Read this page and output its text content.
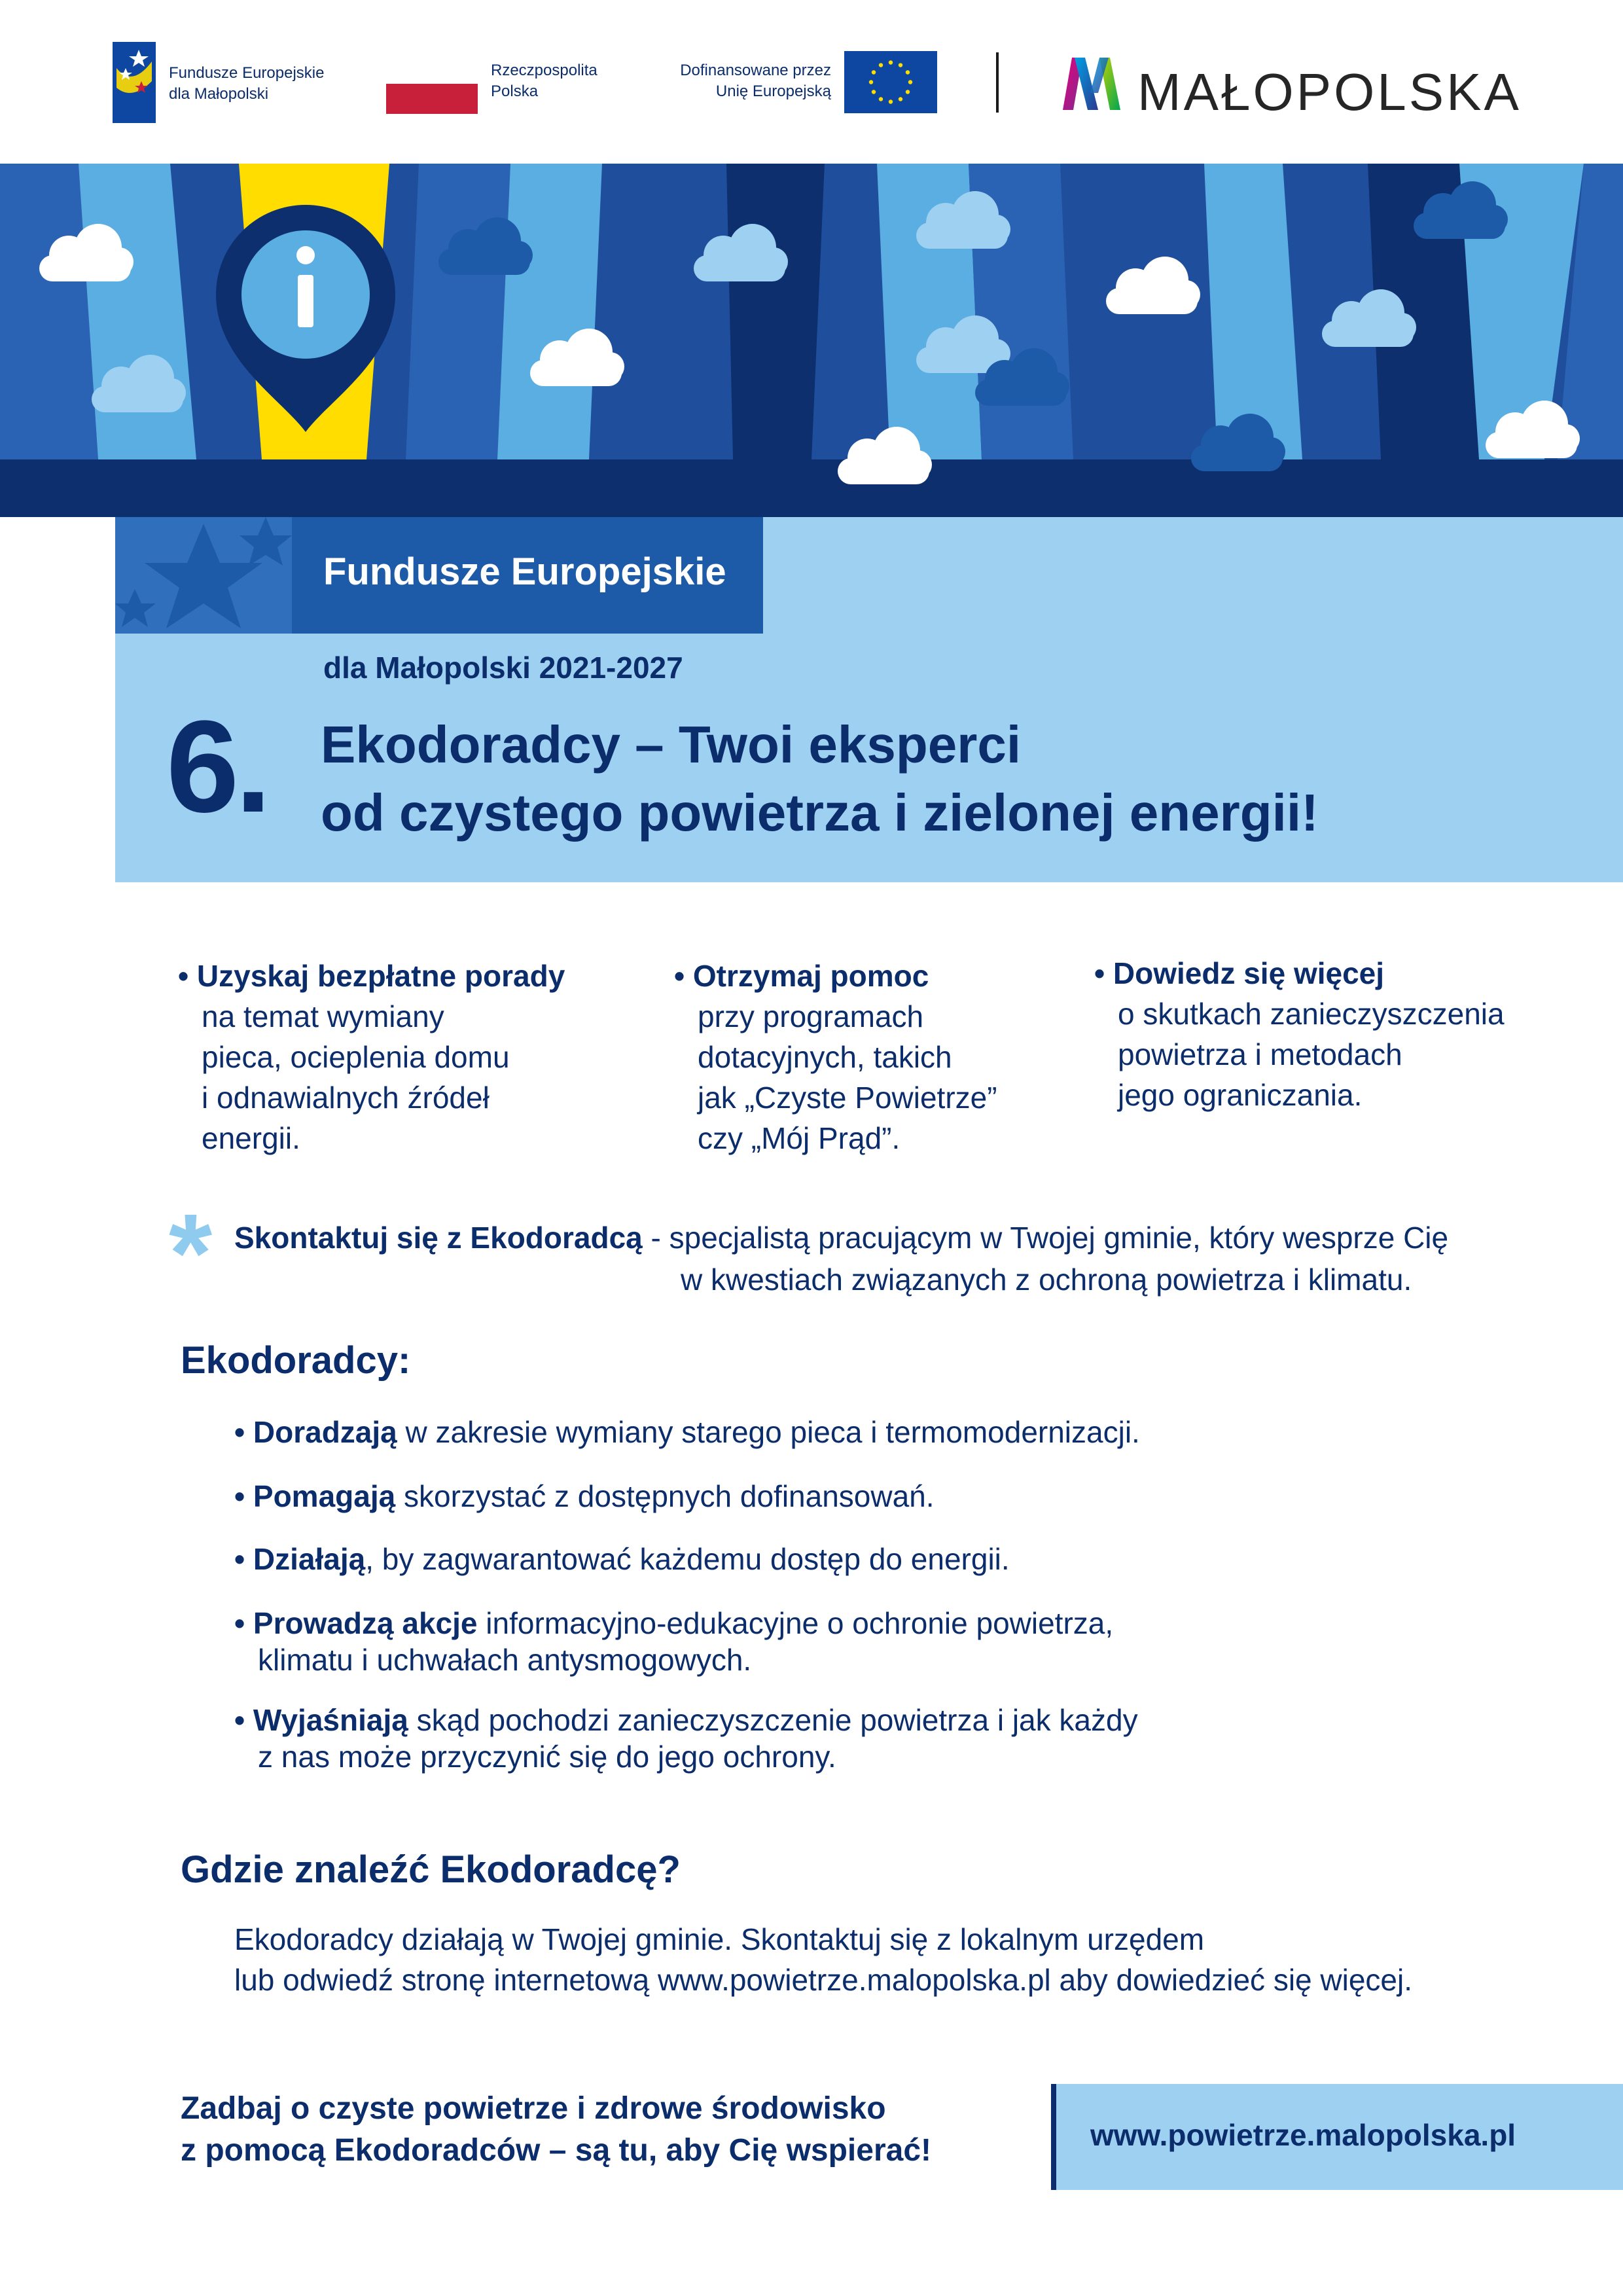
Fundusze Europejskie
dla Małopolski
Rzeczpospolita
Polska
Dofinansowane przez
Unię Europejską	MAŁOPOLSKA
Fundusze Europejskie
dla Małopolski 2021-2027
6. Ekodoradcy – Twoi eksperci
od czystego powietrza i zielonej energii!
• Uzyskaj bezpłatne porady
na temat wymiany
pieca, ocieplenia domu
i odnawialnych źródeł
energii.
• Otrzymaj pomoc
przy programach
dotacyjnych, takich
jak „Czyste Powietrze”
czy „Mój Prąd”.
• Dowiedz się więcej
o skutkach zanieczyszczenia
powietrza i metodach
jego ograniczania.
* Skontaktuj się z Ekodoradcą - specjalistą pracującym w Twojej gminie, który wesprze Cię
w kwestiach związanych z ochroną powietrza i klimatu.
Ekodoradcy:
• Doradzają w zakresie wymiany starego pieca i termomodernizacji.
• Pomagają skorzystać z dostępnych dofinansowań.
• Działają, by zagwarantować każdemu dostęp do energii.
• Prowadzą akcje informacyjno-edukacyjne o ochronie powietrza,
klimatu i uchwałach antysmogowych.
• Wyjaśniają skąd pochodzi zanieczyszczenie powietrza i jak każdy
z nas może przyczynić się do jego ochrony.
Gdzie znaleźć Ekodoradcę?
Ekodoradcy działają w Twojej gminie. Skontaktuj się z lokalnym urzędem
lub odwiedź stronę internetową www.powietrze.malopolska.pl aby dowiedzieć się więcej.
Zadbaj o czyste powietrze i zdrowe środowisko
z pomocą Ekodoradców – są tu, aby Cię wspierać!	www.powietrze.malopolska.pl
